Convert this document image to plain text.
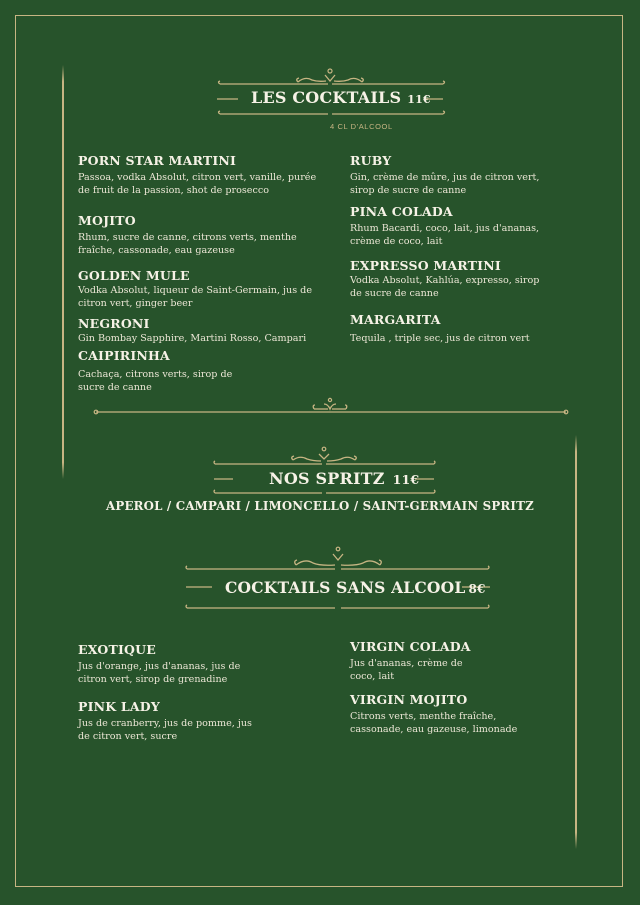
LES COCKTAILS 11€
4 CL D'ALCOOL
PORN STAR MARTINI
Passoa, vodka Absolut, citron vert, vanille, purée de fruit de la passion, shot de prosecco
MOJITO
Rhum, sucre de canne, citrons verts, menthe fraîche, cassonade, eau gazeuse
GOLDEN MULE
Vodka Absolut, liqueur de Saint-Germain, jus de citron vert, ginger beer
NEGRONI
Gin Bombay Sapphire, Martini Rosso, Campari
CAIPIRINHA
Cachaça, citrons verts, sirop de sucre de canne
RUBY
Gin, crème de mûre, jus de citron vert, sirop de sucre de canne
PINA COLADA
Rhum Bacardi, coco, lait, jus d'ananas, crème de coco, lait
EXPRESSO MARTINI
Vodka Absolut, Kahlúa, expresso, sirop de sucre de canne
MARGARITA
Tequila , triple sec, jus de citron vert
NOS SPRITZ 11€
APEROL / CAMPARI / LIMONCELLO / SAINT-GERMAIN SPRITZ
COCKTAILS SANS ALCOOL 8€
EXOTIQUE
Jus d'orange, jus d'ananas, jus de citron vert, sirop de grenadine
PINK LADY
Jus de cranberry, jus de pomme, jus de citron vert, sucre
VIRGIN COLADA
Jus d'ananas, crème de coco, lait
VIRGIN MOJITO
Citrons verts, menthe fraîche, cassonade, eau gazeuse, limonade
